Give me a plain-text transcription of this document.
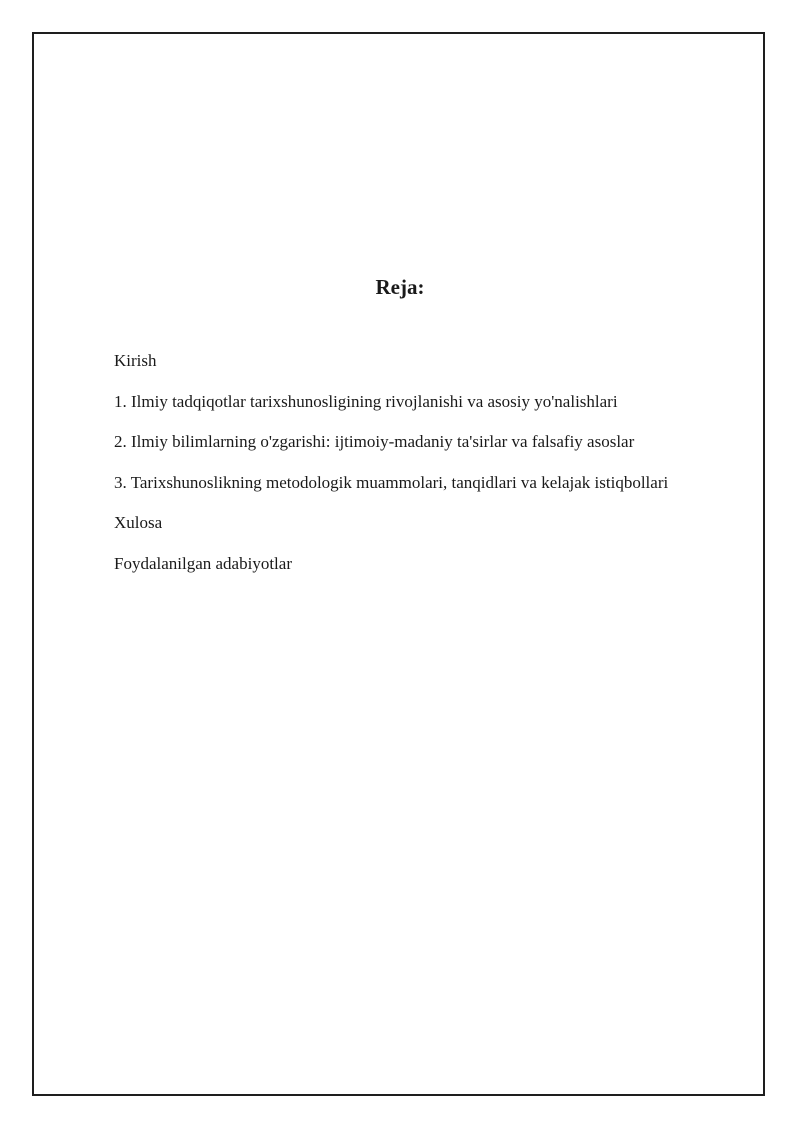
Reja:
Kirish
1. Ilmiy tadqiqotlar tarixshunosligining rivojlanishi va asosiy yo'nalishlari
2. Ilmiy bilimlarning o'zgarishi: ijtimoiy-madaniy ta'sirlar va falsafiy asoslar
3. Tarixshunoslikning metodologik muammolari, tanqidlari va kelajak istiqbollari
Xulosa
Foydalanilgan adabiyotlar
